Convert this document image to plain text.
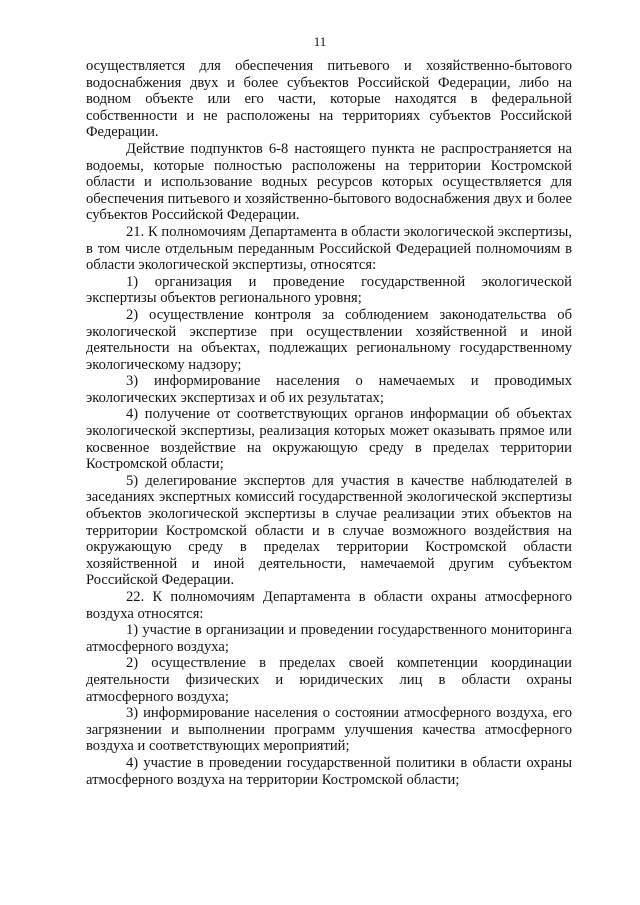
11

осуществляется для обеспечения питьевого и хозяйственно-бытового водоснабжения двух и более субъектов Российской Федерации, либо на водном объекте или его части, которые находятся в федеральной собственности и не расположены на территориях субъектов Российской Федерации.

Действие подпунктов 6-8 настоящего пункта не распространяется на водоемы, которые полностью расположены на территории Костромской области и использование водных ресурсов которых осуществляется для обеспечения питьевого и хозяйственно-бытового водоснабжения двух и более субъектов Российской Федерации.

21. К полномочиям Департамента в области экологической экспертизы, в том числе отдельным переданным Российской Федерацией полномочиям в области экологической экспертизы, относятся:

1) организация и проведение государственной экологической экспертизы объектов регионального уровня;

2) осуществление контроля за соблюдением законодательства об экологической экспертизе при осуществлении хозяйственной и иной деятельности на объектах, подлежащих региональному государственному экологическому надзору;

3) информирование населения о намечаемых и проводимых экологических экспертизах и об их результатах;

4) получение от соответствующих органов информации об объектах экологической экспертизы, реализация которых может оказывать прямое или косвенное воздействие на окружающую среду в пределах территории Костромской области;

5) делегирование экспертов для участия в качестве наблюдателей в заседаниях экспертных комиссий государственной экологической экспертизы объектов экологической экспертизы в случае реализации этих объектов на территории Костромской области и в случае возможного воздействия на окружающую среду в пределах территории Костромской области хозяйственной и иной деятельности, намечаемой другим субъектом Российской Федерации.

22. К полномочиям Департамента в области охраны атмосферного воздуха относятся:

1) участие в организации и проведении государственного мониторинга атмосферного воздуха;

2) осуществление в пределах своей компетенции координации деятельности физических и юридических лиц в области охраны атмосферного воздуха;

3) информирование населения о состоянии атмосферного воздуха, его загрязнении и выполнении программ улучшения качества атмосферного воздуха и соответствующих мероприятий;

4) участие в проведении государственной политики в области охраны атмосферного воздуха на территории Костромской области;
